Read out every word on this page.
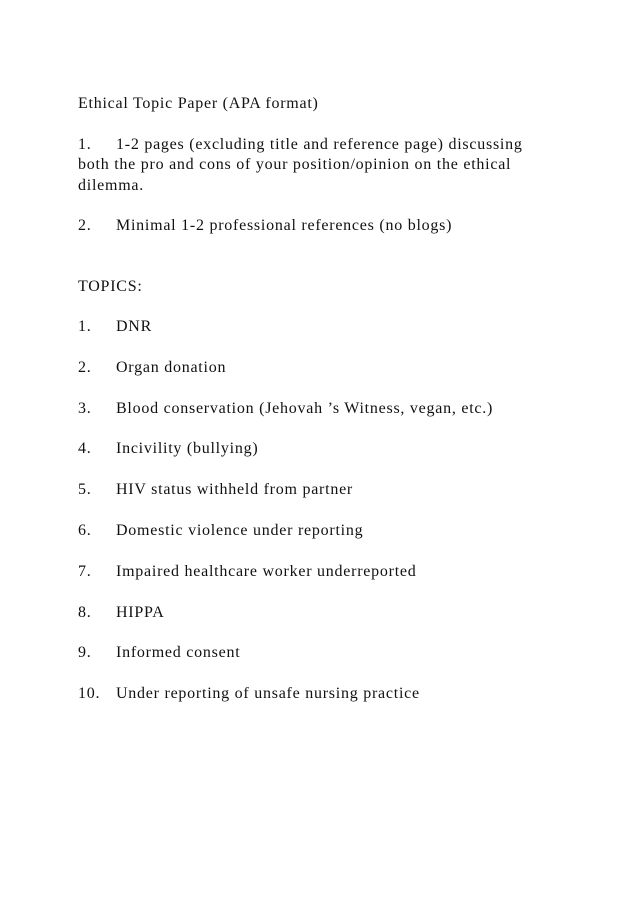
Ethical Topic Paper (APA format)

1. 1-2 pages (excluding title and reference page) discussing both the pro and cons of your position/opinion on the ethical dilemma.
2. Minimal 1-2 professional references (no blogs)

TOPICS:

1. DNR
2. Organ donation
3. Blood conservation (Jehovah ’s Witness, vegan, etc.)
4. Incivility (bullying)
5. HIV status withheld from partner
6. Domestic violence under reporting
7. Impaired healthcare worker underreported
8. HIPPA
9. Informed consent
10. Under reporting of unsafe nursing practice
